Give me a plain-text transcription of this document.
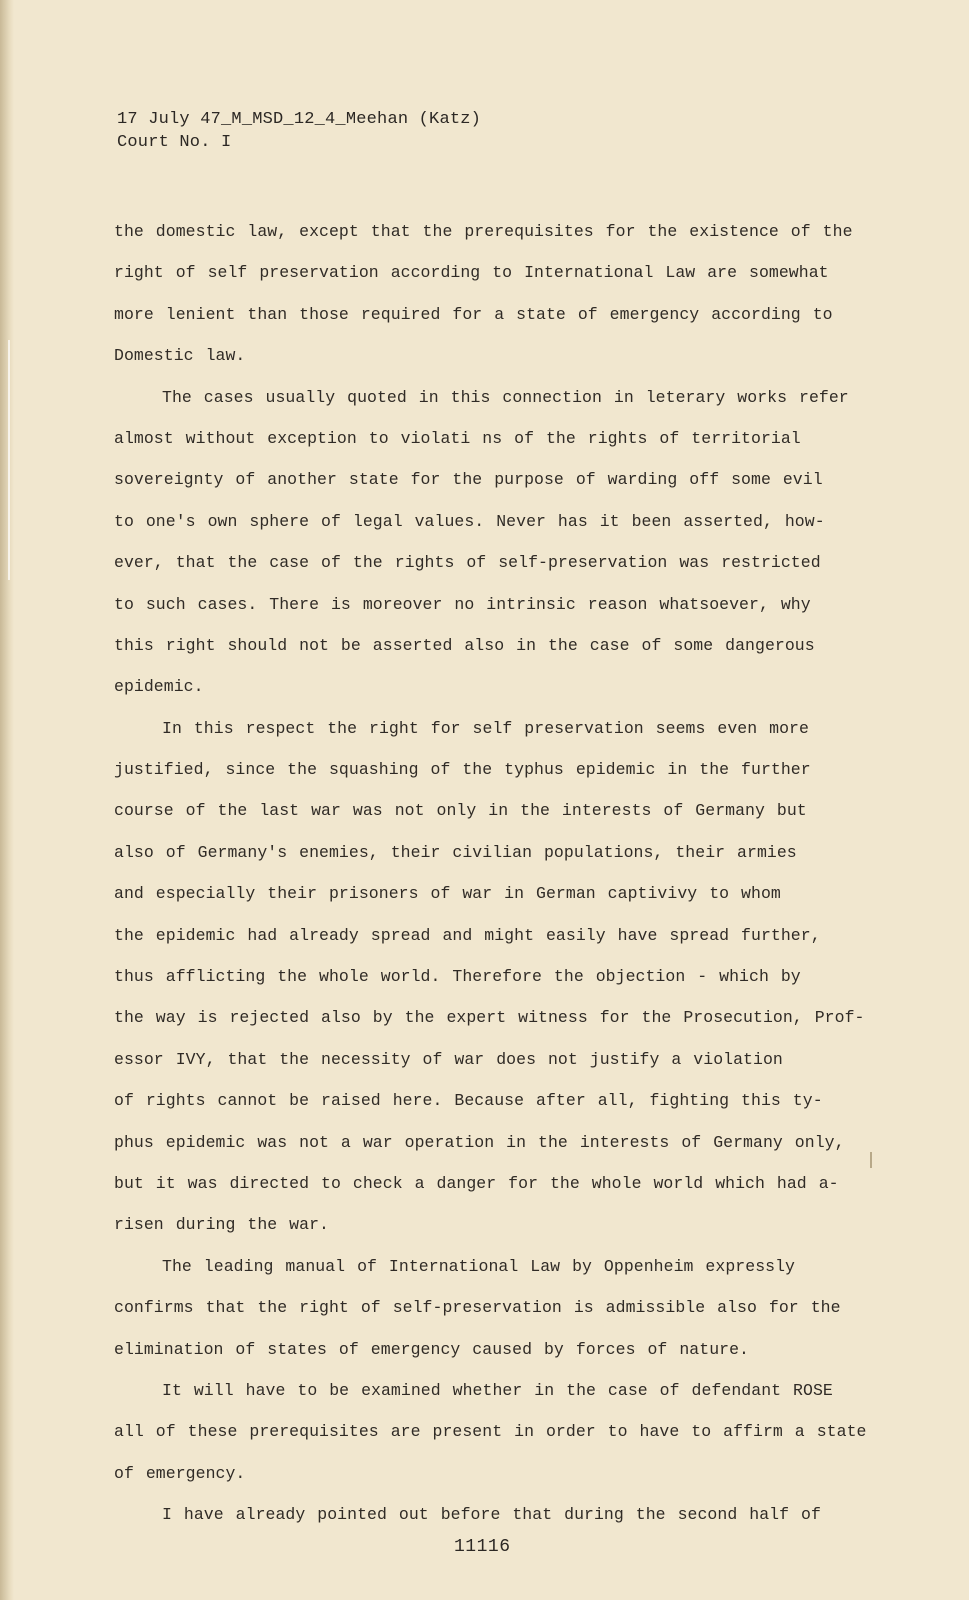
17 July 47_M_MSD_12_4_Meehan (Katz)
Court No. I
the domestic law, except that the prerequisites for the existence of the
right of self preservation according to International Law are somewhat
more lenient than those required for a state of emergency according to
Domestic law.
The cases usually quoted in this connection in leterary works refer
almost without exception to violati ns of the rights of territorial
sovereignty of another state for the purpose of warding off some evil
to one's own sphere of legal values. Never has it been asserted, how-
ever, that the case of the rights of self-preservation was restricted
to such cases. There is moreover no intrinsic reason whatsoever, why
this right should not be asserted also in the case of some dangerous
epidemic.
In this respect the right for self preservation seems even more
justified, since the squashing of the typhus epidemic in the further
course of the last war was not only in the interests of Germany but
also of Germany's enemies, their civilian populations, their armies
and especially their prisoners of war in German captivivy to whom
the epidemic had already spread and might easily have spread further,
thus afflicting the whole world. Therefore the objection - which by
the way is rejected also by the expert witness for the Prosecution, Prof-
essor IVY, that the necessity of war does not justify a violation
of rights cannot be raised here. Because after all, fighting this ty-
phus epidemic was not a war operation in the interests of Germany only,
but it was directed to check a danger for the whole world which had a-
risen during the war.
The leading manual of International Law by Oppenheim expressly
confirms that the right of self-preservation is admissible also for the
elimination of states of emergency caused by forces of nature.
It will have to be examined whether in the case of defendant ROSE
all of these prerequisites are present in order to have to affirm a state
of emergency.
I have already pointed out before that during the second half of
11116
